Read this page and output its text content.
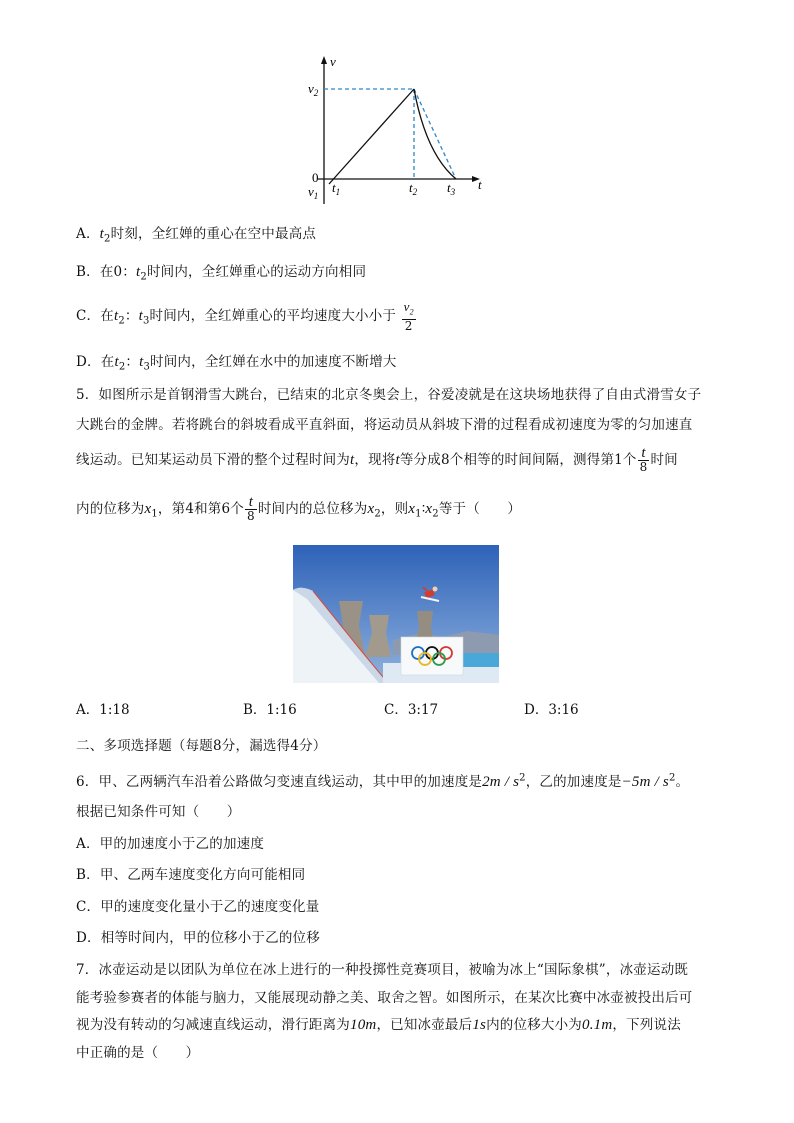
v
t
$v_2$
0
$v_1$
$t_1$	$t_2$ $t_3$
A．$t_2$时刻，全红婵的重心在空中最高点
B．在0：$t_2$时间内，全红婵重心的运动方向相同
C．在$t_2$：$t_3$时间内，全红婵重心的平均速度大小小于 $\frac{v_2}{2}$
D．在$t_2$：$t_3$时间内，全红婵在水中的加速度不断增大
5．如图所示是首钢滑雪大跳台，已结束的北京冬奥会上，谷爱凌就是在这块场地获得了自由式滑雪女子
大跳台的金牌。若将跳台的斜坡看成平直斜面，将运动员从斜坡下滑的过程看成初速度为零的匀加速直
线运动。已知某运动员下滑的整个过程时间为t，现将t等分成8个相等的时间间隔，测得第1个 $\frac{t}{8}$ 时间
内的位移为$x_1$，第4和第6个 $\frac{t}{8}$ 时间内的总位移为$x_2$，则$x_1∶x_2$等于（　　）
A．1:18	B．1:16	C．3:17	D．3:16
二、多项选择题（每题8分，漏选得4分）
6．甲、乙两辆汽车沿着公路做匀变速直线运动，其中甲的加速度是$2m / s^2$，乙的加速度是$-5m / s^2$。
根据已知条件可知（　　）
A．甲的加速度小于乙的加速度
B．甲、乙两车速度变化方向可能相同
C．甲的速度变化量小于乙的速度变化量
D．相等时间内，甲的位移小于乙的位移
7．冰壶运动是以团队为单位在冰上进行的一种投掷性竞赛项目，被喻为冰上“国际象棋”，冰壶运动既
能考验参赛者的体能与脑力，又能展现动静之美、取舍之智。如图所示，在某次比赛中冰壶被投出后可
视为没有转动的匀减速直线运动，滑行距离为10m，已知冰壶最后1s内的位移大小为0.1m，下列说法
中正确的是（　　）
